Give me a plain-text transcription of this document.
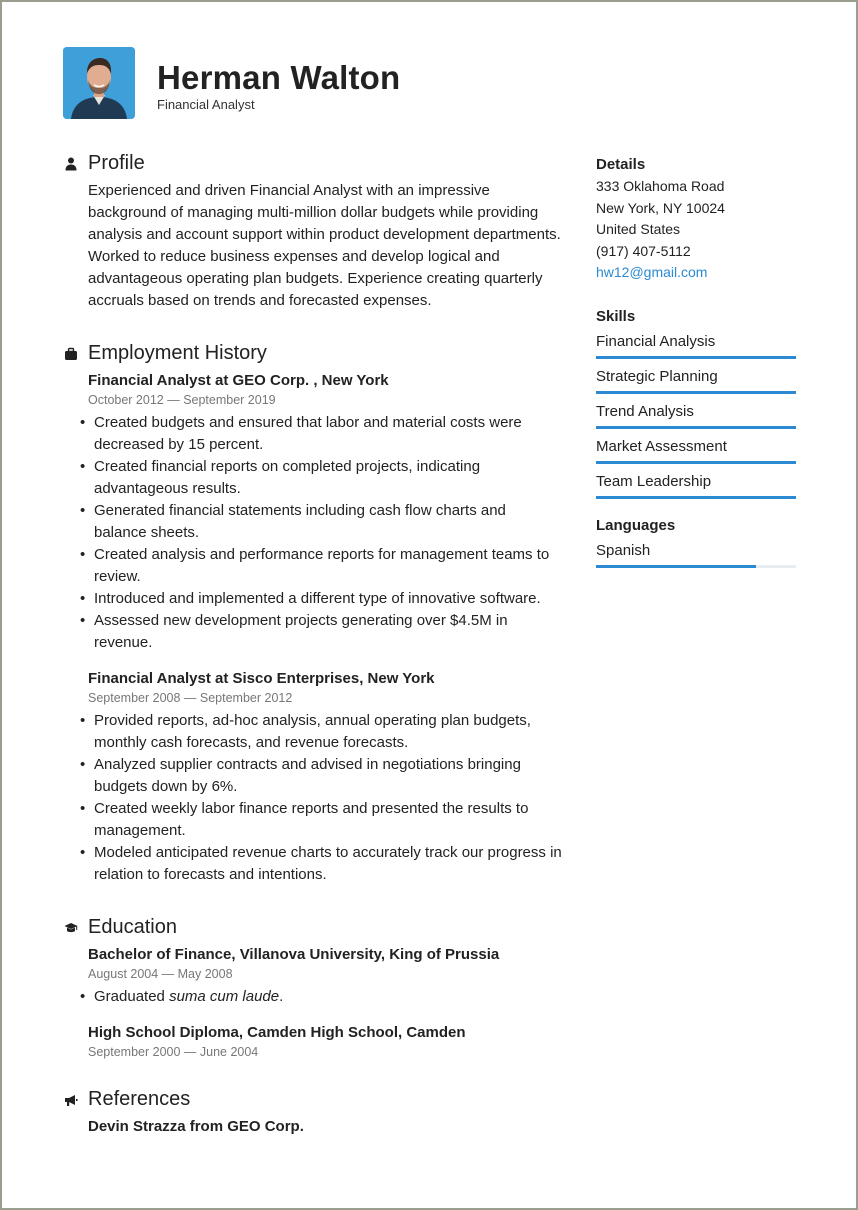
Herman Walton
Financial Analyst
Profile
Experienced and driven Financial Analyst with an impressive background of managing multi-million dollar budgets while providing analysis and account support within product development departments. Worked to reduce business expenses and develop logical and advantageous operating plan budgets. Experience creating quarterly accruals based on trends and forecasted expenses.
Employment History
Financial Analyst at GEO Corp. , New York
October 2012 — September 2019
• Created budgets and ensured that labor and material costs were decreased by 15 percent.
• Created financial reports on completed projects, indicating advantageous results.
• Generated financial statements including cash flow charts and balance sheets.
• Created analysis and performance reports for management teams to review.
• Introduced and implemented a different type of innovative software.
• Assessed new development projects generating over $4.5M in revenue.
Financial Analyst at Sisco Enterprises, New York
September 2008 — September 2012
• Provided reports, ad-hoc analysis, annual operating plan budgets, monthly cash forecasts, and revenue forecasts.
• Analyzed supplier contracts and advised in negotiations bringing budgets down by 6%.
• Created weekly labor finance reports and presented the results to management.
• Modeled anticipated revenue charts to accurately track our progress in relation to forecasts and intentions.
Education
Bachelor of Finance, Villanova University, King of Prussia
August 2004 — May 2008
• Graduated suma cum laude.
High School Diploma, Camden High School, Camden
September 2000 — June 2004
References
Devin Strazza from GEO Corp.
Details
333 Oklahoma Road
New York, NY 10024
United States
(917) 407-5112
hw12@gmail.com
Skills
Financial Analysis
Strategic Planning
Trend Analysis
Market Assessment
Team Leadership
Languages
Spanish
